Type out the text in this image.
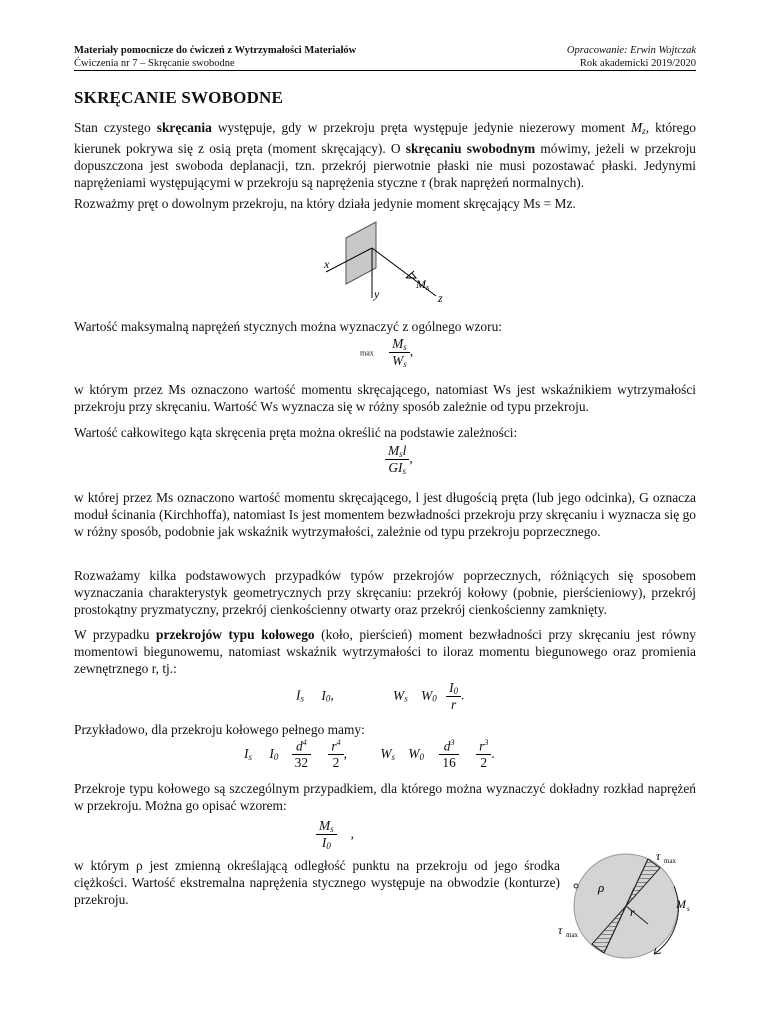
Materiały pomocnicze do ćwiczeń z Wytrzymałości Materiałów
Ćwiczenia nr 7 – Skręcanie swobodne
Opracowanie: Erwin Wojtczak
Rok akademicki 2019/2020
SKRĘCANIE SWOBODNE

Stan czystego skręcania występuje, gdy w przekroju pręta występuje jedynie niezerowy moment $M_z$, którego kierunek pokrywa się z osią pręta (moment skręcający). O skręcaniu swobodnym mówimy, jeżeli w przekroju dopuszczona jest swoboda deplanacji, tzn. przekrój pierwotnie płaski nie musi pozostawać płaski. Jedynymi naprężeniami występującymi w przekroju są naprężenia styczne τ (brak naprężeń normalnych).

Rozważmy pręt o dowolnym przekroju, na który działa jedynie moment skręcający Ms = Mz.

x
y	z
M s

Wartość maksymalną naprężeń stycznych można wyznaczyć z ogólnego wzoru:

$\max \frac{M_s}{W_s}$ ,

w którym przez Ms oznaczono wartość momentu skręcającego, natomiast Ws jest wskaźnikiem wytrzymałości przekroju przy skręcaniu. Wartość Ws wyznacza się w różny sposób zależnie od typu przekroju.

Wartość całkowitego kąta skręcenia pręta można określić na podstawie zależności:

$\frac{M_sl}{GI_s}$ ,

w której przez Ms oznaczono wartość momentu skręcającego, l jest długością pręta (lub jego odcinka), G oznacza moduł ścinania (Kirchhoffa), natomiast Is jest momentem bezwładności przekroju przy skręcaniu i wyznacza się go w różny sposób, podobnie jak wskaźnik wytrzymałości, zależnie od typu przekroju poprzecznego.

Rozważamy kilka podstawowych przypadków typów przekrojów poprzecznych, różniących się sposobem wyznaczania charakterystyk geometrycznych przy skręcaniu: przekrój kołowy (pobnie, pierścieniowy), przekrój prostokątny pryzmatyczny, przekrój cienkościenny otwarty oraz przekrój cienkościenny zamknięty.

W przypadku przekrojów typu kołowego (koło, pierścień) moment bezwładności przy skręcaniu jest równy momentowi biegunowemu, natomiast wskaźnik wytrzymałości to iloraz momentu biegunowego oraz promienia zewnętrznego r, tj.:

$I_s$ $I_0$,	$W_s$ $W_0 \frac{I_0}{r}$ .

Przykładowo, dla przekroju kołowego pełnego mamy:

$I_s$ $I_0 \frac{d^4}{32}$
$\frac{r^4}{2}$ , $W_s$ $W_0 \frac{d^3}{16}$
$\frac{r^3}{2}$ .

Przekroje typu kołowego są szczególnym przypadkiem, dla którego można wyznaczyć dokładny rozkład naprężeń w przekroju. Można go opisać wzorem:

$\frac{M_s}{I_0}$ ,

w którym ρ jest zmienną określającą odległość punktu na przekroju od jego środka ciężkości. Wartość ekstremalna naprężenia stycznego występuje na obwodzie (konturze) przekroju.

τ max
τ max
ρ
r
M s
